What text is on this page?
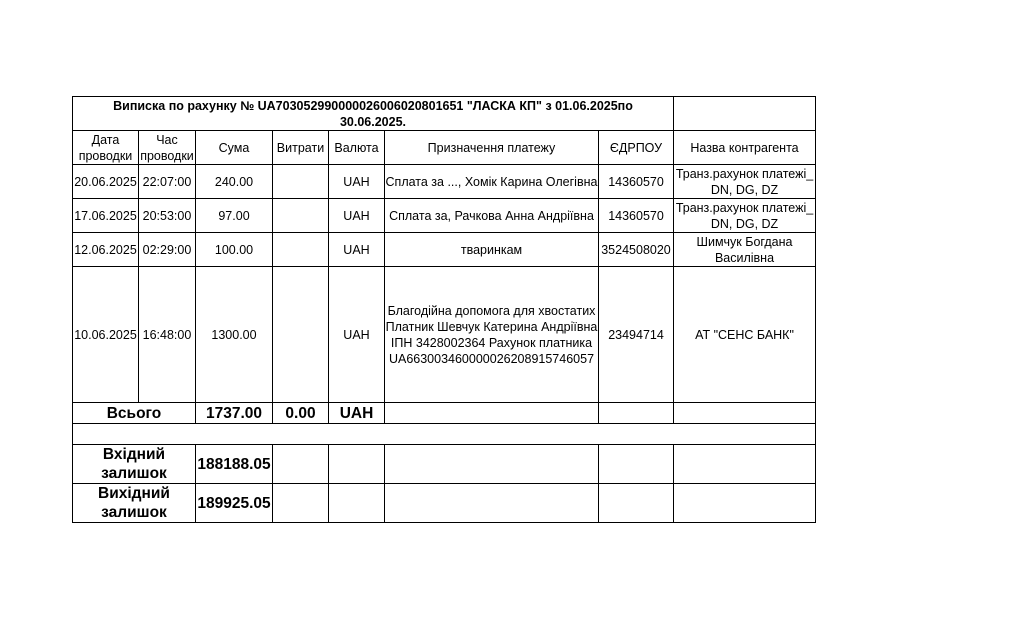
Виписка по рахунку № UA703052990000026006020801651 "ЛАСКА КП" з 01.06.2025по 30.06.2025.							
Дата проводки	Час проводки	Сума	Витрати	Валюта	Призначення платежу	ЄДРПОУ	Назва контрагента
20.06.2025	22:07:00	240.00		UAH	Сплата за ..., Хомік Карина Олегівна	14360570	Транз.рахунок платежі_ DN, DG, DZ
17.06.2025	20:53:00	97.00		UAH	Сплата за, Рачкова Анна Андріївна	14360570	Транз.рахунок платежі_ DN, DG, DZ
12.06.2025	02:29:00	100.00		UAH	тваринкам	3524508020	Шимчук Богдана Василівна
10.06.2025	16:48:00	1300.00		UAH	Благодійна допомога для хвостатих Платник Шевчук Катерина Андріївна ІПН 3428002364 Рахунок платника UA663003460000026208915746057	23494714	АТ "СЕНС БАНК"
Всього		1737.00	0.00	UAH			

Вхідний залишок		188188.05					
Вихідний залишок		189925.05					
